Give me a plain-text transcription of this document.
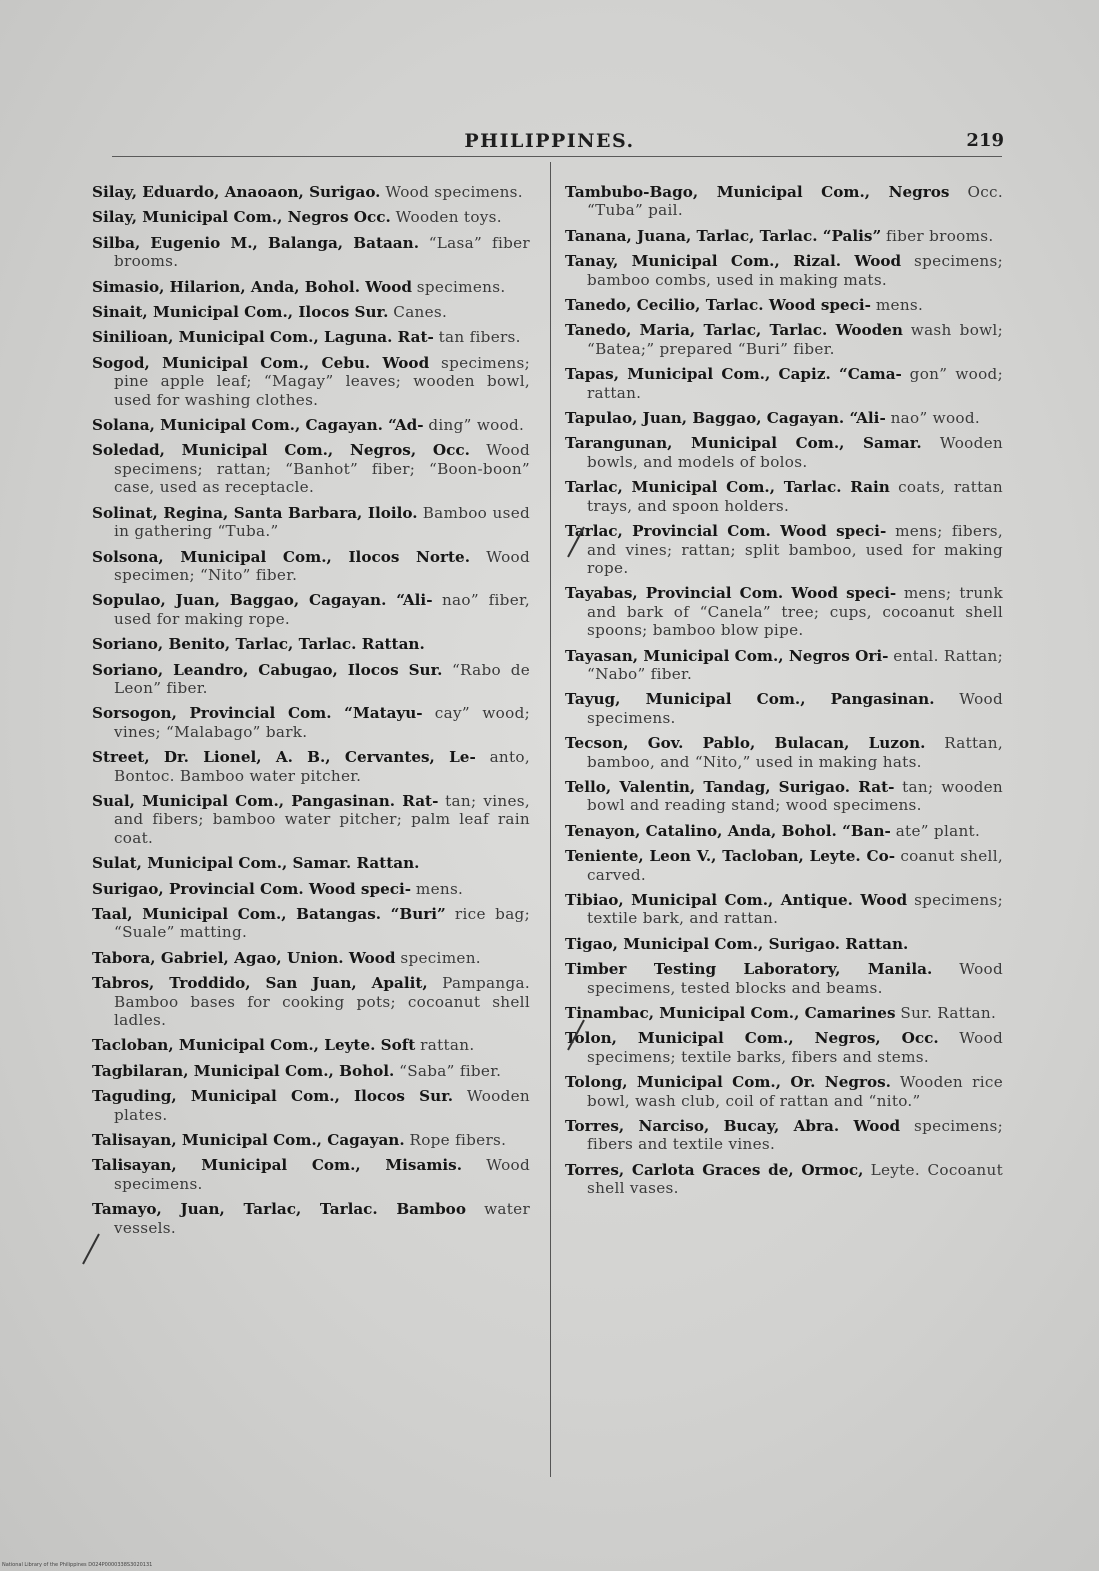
PHILIPPINES.	219
Silay, Eduardo, Anaoaon, Surigao. Wood specimens.
Silay, Municipal Com., Negros Occ. Wooden toys.
Silba, Eugenio M., Balanga, Bataan. “Lasa” fiber brooms.
Simasio, Hilarion, Anda, Bohol. Wood specimens.
Sinait, Municipal Com., Ilocos Sur. Canes.
Sinilioan, Municipal Com., Laguna. Rat- tan fibers.
Sogod, Municipal Com., Cebu. Wood specimens; pine apple leaf; “Magay” leaves; wooden bowl, used for washing clothes.
Solana, Municipal Com., Cagayan. “Ad- ding” wood.
Soledad, Municipal Com., Negros, Occ. Wood specimens; rattan; “Banhot” fiber; “Boon-boon” case, used as receptacle.
Solinat, Regina, Santa Barbara, Iloilo. Bamboo used in gathering “Tuba.”
Solsona, Municipal Com., Ilocos Norte. Wood specimen; “Nito” fiber.
Sopulao, Juan, Baggao, Cagayan. “Ali- nao” fiber, used for making rope.
Soriano, Benito, Tarlac, Tarlac. Rattan.
Soriano, Leandro, Cabugao, Ilocos Sur. “Rabo de Leon” fiber.
Sorsogon, Provincial Com. “Matayu- cay” wood; vines; “Malabago” bark.
Street, Dr. Lionel, A. B., Cervantes, Le- anto, Bontoc. Bamboo water pitcher.
Sual, Municipal Com., Pangasinan. Rat- tan; vines, and fibers; bamboo water pitcher; palm leaf rain coat.
Sulat, Municipal Com., Samar. Rattan.
Surigao, Provincial Com. Wood speci- mens.
Taal, Municipal Com., Batangas. “Buri” rice bag; “Suale” matting.
Tabora, Gabriel, Agao, Union. Wood specimen.
Tabros, Troddido, San Juan, Apalit, Pampanga. Bamboo bases for cooking pots; cocoanut shell ladles.
Tacloban, Municipal Com., Leyte. Soft rattan.
Tagbilaran, Municipal Com., Bohol. “Saba” fiber.
Taguding, Municipal Com., Ilocos Sur. Wooden plates.
Talisayan, Municipal Com., Cagayan. Rope fibers.
Talisayan, Municipal Com., Misamis. Wood specimens.
Tamayo, Juan, Tarlac, Tarlac. Bamboo water vessels.
Tambubo-Bago, Municipal Com., Negros Occ. “Tuba” pail.
Tanana, Juana, Tarlac, Tarlac. “Palis” fiber brooms.
Tanay, Municipal Com., Rizal. Wood specimens; bamboo combs, used in making mats.
Tanedo, Cecilio, Tarlac. Wood speci- mens.
Tanedo, Maria, Tarlac, Tarlac. Wooden wash bowl; “Batea;” prepared “Buri” fiber.
Tapas, Municipal Com., Capiz. “Cama- gon” wood; rattan.
Tapulao, Juan, Baggao, Cagayan. “Ali- nao” wood.
Tarangunan, Municipal Com., Samar. Wooden bowls, and models of bolos.
Tarlac, Municipal Com., Tarlac. Rain coats, rattan trays, and spoon holders.
Tarlac, Provincial Com. Wood speci- mens; fibers, and vines; rattan; split bamboo, used for making rope.
Tayabas, Provincial Com. Wood speci- mens; trunk and bark of “Canela” tree; cups, cocoanut shell spoons; bamboo blow pipe.
Tayasan, Municipal Com., Negros Ori- ental. Rattan; “Nabo” fiber.
Tayug, Municipal Com., Pangasinan. Wood specimens.
Tecson, Gov. Pablo, Bulacan, Luzon. Rattan, bamboo, and “Nito,” used in making hats.
Tello, Valentin, Tandag, Surigao. Rat- tan; wooden bowl and reading stand; wood specimens.
Tenayon, Catalino, Anda, Bohol. “Ban- ate” plant.
Teniente, Leon V., Tacloban, Leyte. Co- coanut shell, carved.
Tibiao, Municipal Com., Antique. Wood specimens; textile bark, and rattan.
Tigao, Municipal Com., Surigao. Rattan.
Timber Testing Laboratory, Manila. Wood specimens, tested blocks and beams.
Tinambac, Municipal Com., Camarines Sur. Rattan.
Tolon, Municipal Com., Negros, Occ. Wood specimens; textile barks, fibers and stems.
Tolong, Municipal Com., Or. Negros. Wooden rice bowl, wash club, coil of rattan and “nito.”
Torres, Narciso, Bucay, Abra. Wood specimens; fibers and textile vines.
Torres, Carlota Graces de, Ormoc, Leyte. Cocoanut shell vases.
National Library of the Philippines D024P0000338S3020131
